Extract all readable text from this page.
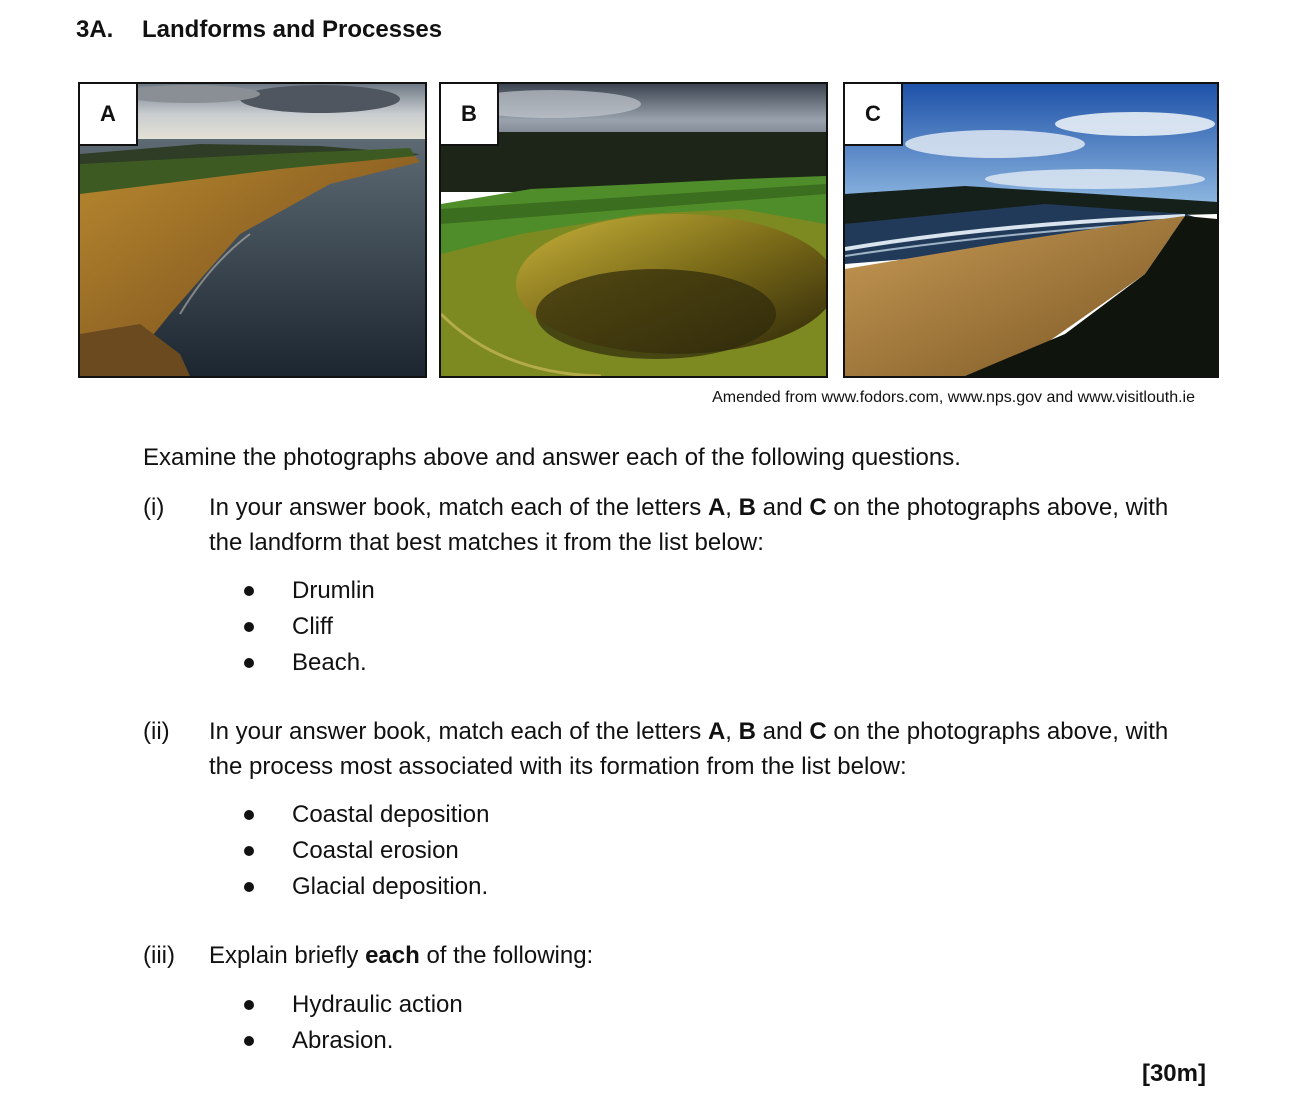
3A. Landforms and Processes
A	B	C
Amended from www.fodors.com, www.nps.gov and www.visitlouth.ie
Examine the photographs above and answer each of the following questions.
(i) In your answer book, match each of the letters A, B and C on the photographs above, with the landform that best matches it from the list below:
Drumlin
Cliff
Beach.
(ii) In your answer book, match each of the letters A, B and C on the photographs above, with the process most associated with its formation from the list below:
Coastal deposition
Coastal erosion
Glacial deposition.
(iii) Explain briefly each of the following:
Hydraulic action
Abrasion.
[30m]
